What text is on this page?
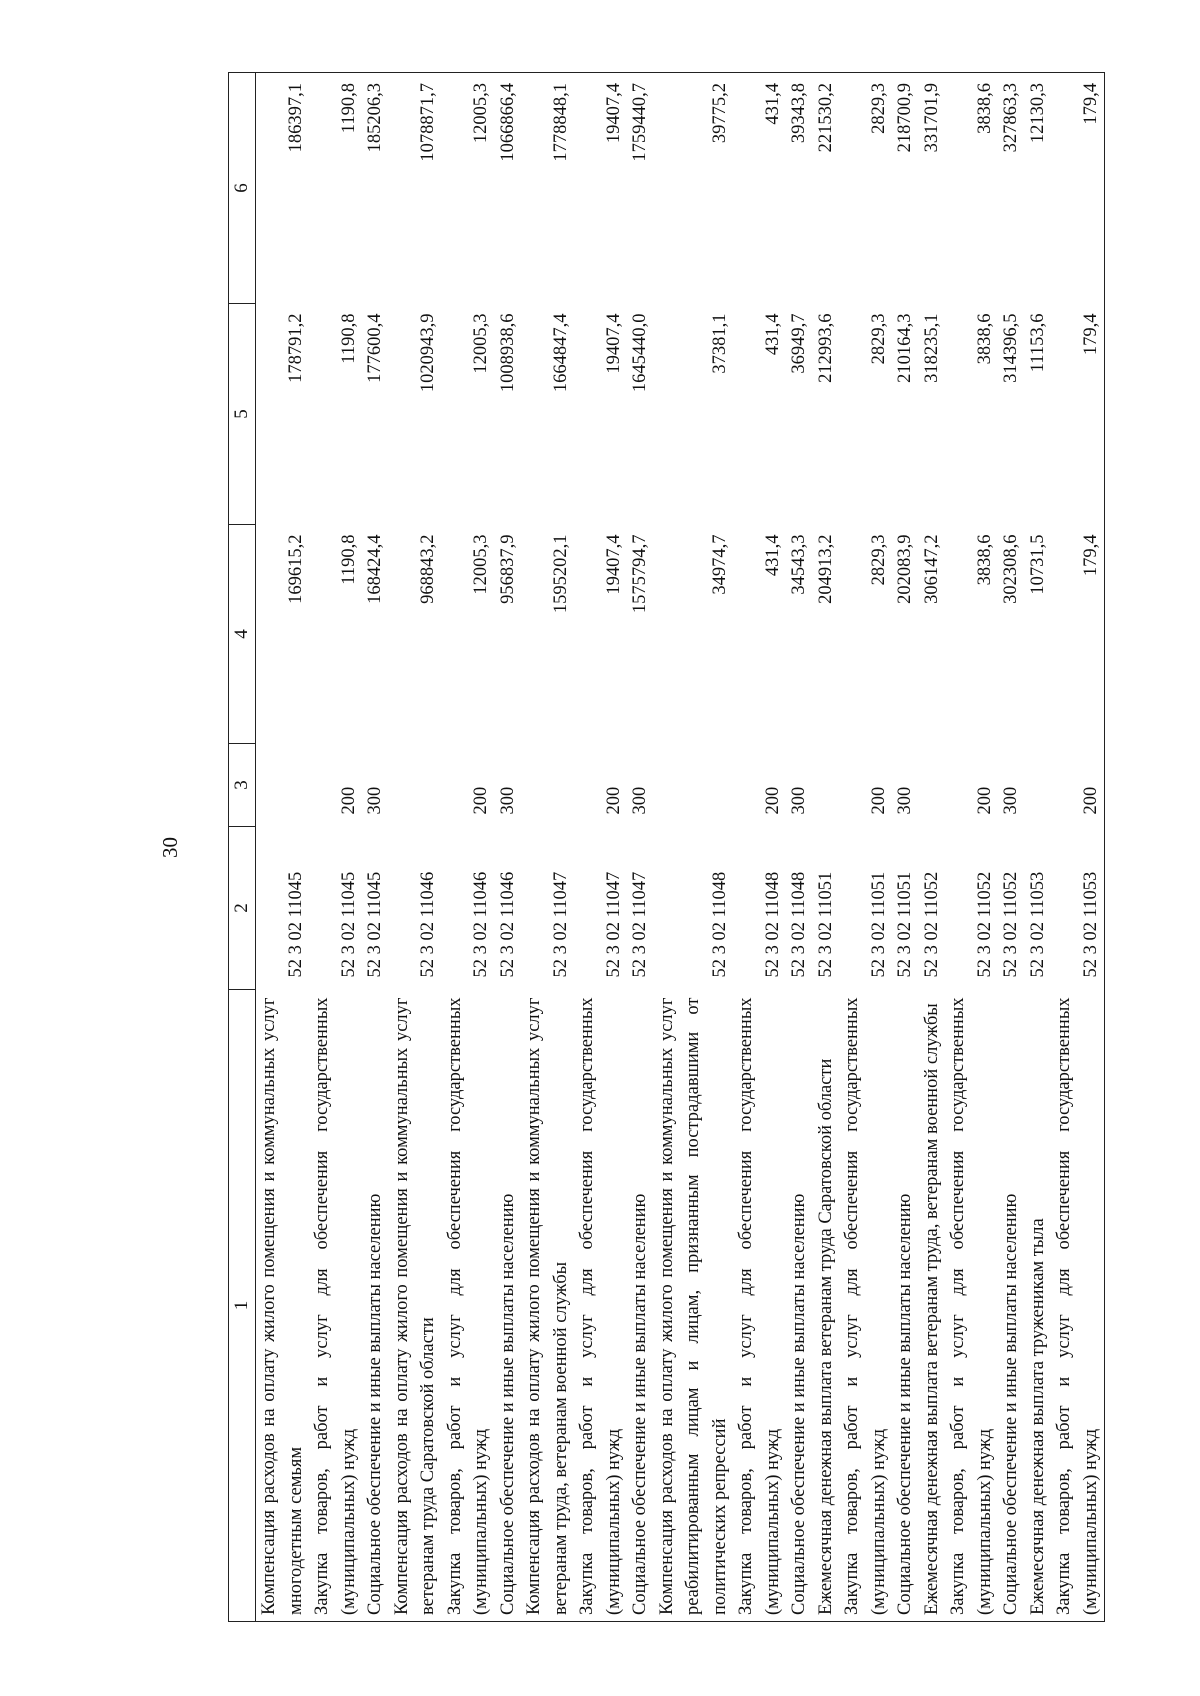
30
1	2	3	4	5	6
Компенсация расходов на оплату жилого помещения и коммунальных услуг многодетным семьям	52 3 02 11045		169615,2	178791,2	186397,1
Закупка товаров, работ и услуг для обеспечения государственных (муниципальных) нужд	52 3 02 11045	200	1190,8	1190,8	1190,8
Социальное обеспечение и иные выплаты населению	52 3 02 11045	300	168424,4	177600,4	185206,3
Компенсация расходов на оплату жилого помещения и коммунальных услуг ветеранам труда Саратовской области	52 3 02 11046		968843,2	1020943,9	1078871,7
Закупка товаров, работ и услуг для обеспечения государственных (муниципальных) нужд	52 3 02 11046	200	12005,3	12005,3	12005,3
Социальное обеспечение и иные выплаты населению	52 3 02 11046	300	956837,9	1008938,6	1066866,4
Компенсация расходов на оплату жилого помещения и коммунальных услуг ветеранам труда, ветеранам военной службы	52 3 02 11047		1595202,1	1664847,4	1778848,1
Закупка товаров, работ и услуг для обеспечения государственных (муниципальных) нужд	52 3 02 11047	200	19407,4	19407,4	19407,4
Социальное обеспечение и иные выплаты населению	52 3 02 11047	300	1575794,7	1645440,0	1759440,7
Компенсация расходов на оплату жилого помещения и коммунальных услуг реабилитированным лицам и лицам, признанным пострадавшими от политических репрессий	52 3 02 11048		34974,7	37381,1	39775,2
Закупка товаров, работ и услуг для обеспечения государственных (муниципальных) нужд	52 3 02 11048	200	431,4	431,4	431,4
Социальное обеспечение и иные выплаты населению	52 3 02 11048	300	34543,3	36949,7	39343,8
Ежемесячная денежная выплата ветеранам труда Саратовской области	52 3 02 11051		204913,2	212993,6	221530,2
Закупка товаров, работ и услуг для обеспечения государственных (муниципальных) нужд	52 3 02 11051	200	2829,3	2829,3	2829,3
Социальное обеспечение и иные выплаты населению	52 3 02 11051	300	202083,9	210164,3	218700,9
Ежемесячная денежная выплата ветеранам труда, ветеранам военной службы	52 3 02 11052		306147,2	318235,1	331701,9
Закупка товаров, работ и услуг для обеспечения государственных (муниципальных) нужд	52 3 02 11052	200	3838,6	3838,6	3838,6
Социальное обеспечение и иные выплаты населению	52 3 02 11052	300	302308,6	314396,5	327863,3
Ежемесячная денежная выплата труженикам тыла	52 3 02 11053		10731,5	11153,6	12130,3
Закупка товаров, работ и услуг для обеспечения государственных (муниципальных) нужд	52 3 02 11053	200	179,4	179,4	179,4
